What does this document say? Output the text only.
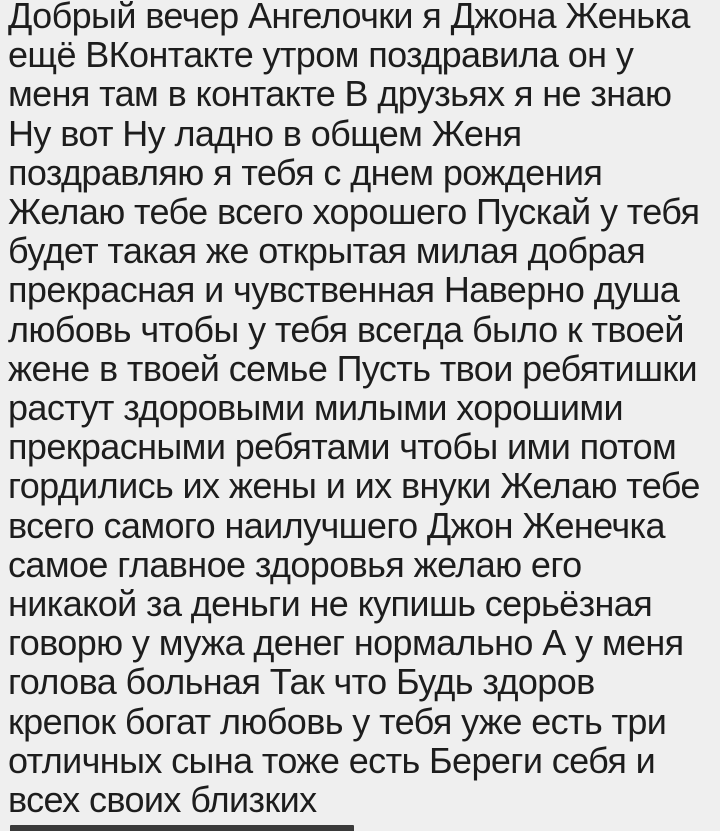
Добрый вечер Ангелочки я Джона Женька
ещё ВКонтакте утром поздравила он у
меня там в контакте В друзьях я не знаю
Ну вот Ну ладно в общем Женя
поздравляю я тебя с днем рождения
Желаю тебе всего хорошего Пускай у тебя
будет такая же открытая милая добрая
прекрасная и чувственная Наверно душа
любовь чтобы у тебя всегда было к твоей
жене в твоей семье Пусть твои ребятишки
растут здоровыми милыми хорошими
прекрасными ребятами чтобы ими потом
гордились их жены и их внуки Желаю тебе
всего самого наилучшего Джон Женечка
самое главное здоровья желаю его
никакой за деньги не купишь серьёзная
говорю у мужа денег нормально А у меня
голова больная Так что Будь здоров
крепок богат любовь у тебя уже есть три
отличных сына тоже есть Береги себя и
всех своих близких
